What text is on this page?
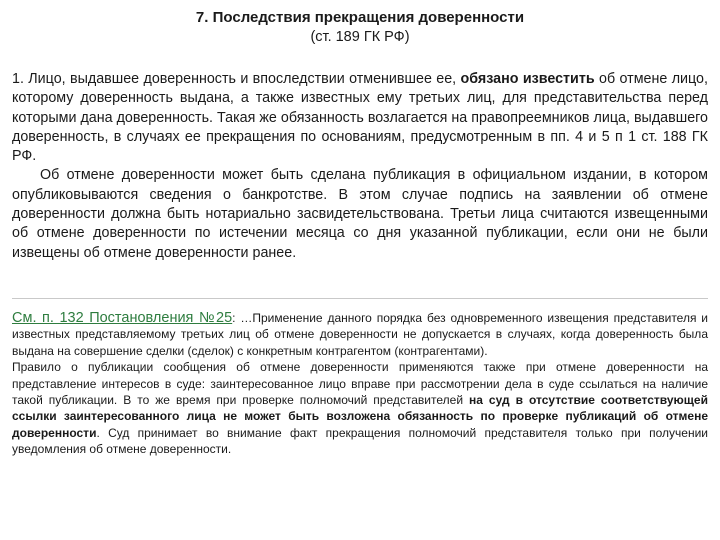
7. Последствия прекращения доверенности
(ст. 189 ГК РФ)

1. Лицо, выдавшее доверенность и впоследствии отменившее ее, обязано известить об отмене лицо, которому доверенность выдана, а также известных ему третьих лиц, для представительства перед которыми дана доверенность. Такая же обязанность возлагается на правопреемников лица, выдавшего доверенность, в случаях ее прекращения по основаниям, предусмотренным в пп. 4 и 5 п 1 ст. 188 ГК РФ.

Об отмене доверенности может быть сделана публикация в официальном издании, в котором опубликовываются сведения о банкротстве. В этом случае подпись на заявлении об отмене доверенности должна быть нотариально засвидетельствована. Третьи лица считаются извещенными об отмене доверенности по истечении месяца со дня указанной публикации, если они не были извещены об отмене доверенности ранее.

См. п. 132 Постановления №25: …Применение данного порядка без одновременного извещения представителя и известных представляемому третьих лиц об отмене доверенности не допускается в случаях, когда доверенность была выдана на совершение сделки (сделок) с конкретным контрагентом (контрагентами).

Правило о публикации сообщения об отмене доверенности применяются также при отмене доверенности на представление интересов в суде: заинтересованное лицо вправе при рассмотрении дела в суде ссылаться на наличие такой публикации. В то же время при проверке полномочий представителей на суд в отсутствие соответствующей ссылки заинтересованного лица не может быть возложена обязанность по проверке публикаций об отмене доверенности. Суд принимает во внимание факт прекращения полномочий представителя только при получении уведомления об отмене доверенности.
